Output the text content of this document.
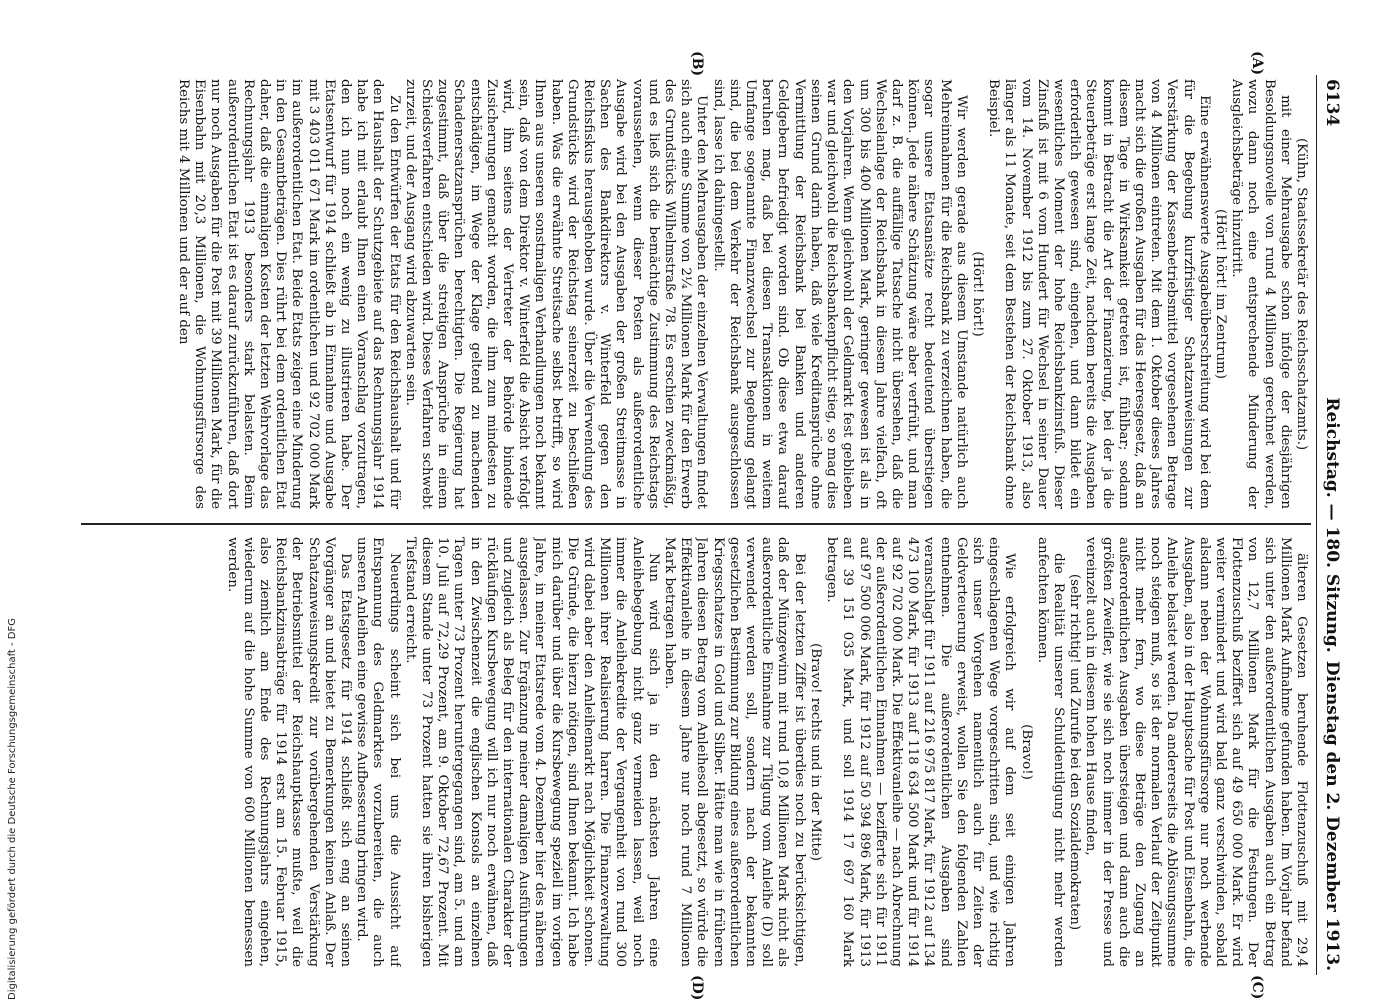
6134
Reichstag. — 180. Sitzung.
Dienstag den 2. Dezember 1913.
(A)
(B)
(C)
(D)

(Kühn, Staatssekretär des Reichsschatzamts.)

mit einer Mehrausgabe schon infolge der diesjährigen Besoldungsnovelle von rund 4 Millionen gerechnet werden, wozu dann noch eine entsprechende Minderung der Ausgleichsbeträge hinzutritt.

(Hört! hört! im Zentrum)

Eine erwähnenswerte Ausgabeüberschreitung wird bei dem für die Begebung kurzfristiger Schatzanweisungen zur Verstärkung der Kassenbetriebsmittel vorgesehenen Betrage von 4 Millionen eintreten. Mit dem 1. Oktober dieses Jahres macht sich die großen Ausgaben für das Heeresgesetz, daß an diesem Tage in Wirksamkeit getreten ist, fühlbar; sodann kommt in Betracht die Art der Finanzierung, bei der ja die Steuerbeträge erst lange Zeit, nachdem bereits die Ausgaben erforderlich gewesen sind, eingehen, und dann bildet ein wesentliches Moment der hohe Reichsbankzinsfuß. Dieser Zinsfuß ist mit 6 vom Hundert für Wechsel in seiner Dauer vom 14. November 1912 bis zum 27. Oktober 1913, also länger als 11 Monate, seit dem Bestehen der Reichsbank ohne Beispiel.

(Hört! hört!)

Wir werden gerade aus diesem Umstande natürlich auch Mehreinnahmen für die Reichsbank zu verzeichnen haben, die sogar unsere Etatsansätze recht bedeutend überstiegen können. Jede nähere Schätzung wäre aber verfrüht, und man darf z. B. die auffällige Tatsache nicht übersehen, daß die Wechselanlage der Reichsbank in diesem Jahre vielfach, oft um 300 bis 400 Millionen Mark, geringer gewesen ist als in den Vorjahren. Wenn gleichwohl der Geldmarkt fest geblieben war und gleichwohl die Reichsbankenpflicht stieg, so mag dies seinen Grund darin haben, daß viele Kreditansprüche ohne Vermittlung der Reichsbank bei Banken und anderen Geldgebern befriedigt worden sind. Ob diese etwa darauf beruhen mag, daß bei diesen Transaktionen in weitem Umfange sogenannte Finanzwechsel zur Begebung gelangt sind, die bei dem Verkehr der Reichsbank ausgeschlossen sind, lasse ich dahingestellt.

Unter den Mehrausgaben der einzelnen Verwaltungen findet sich auch eine Summe von 2¼ Millionen Mark für den Erwerb des Grundstücks Wilhelmstraße 78. Es erschien zweckmäßig, und es ließ sich die bemächtige Zustimmung des Reichstags voraussehen, wenn dieser Posten als außerordentliche Ausgabe wird bei den Ausgaben der großen Streitmasse in Sachen des Bankdirektors v. Winterfeld gegen den Reichsfiskus herausgehoben wurde. Über die Verwendung des Grundstücks wird der Reichstag seinerzeit zu beschließen haben. Was die erwähnte Streitsache selbst betrifft, so wird Ihnen aus unseren sonstmaligen Verhandlungen noch bekannt sein, daß von dem Direktor v. Winterfeld die Absicht verfolgt wird, ihm seitens der Vertreter der Behörde bindende Zusicherungen gemacht worden, die ihm zum mindesten zu entschädigen, im Wege der Klage geltend zu machenden Schadenersatzansprüchen berechtigten. Die Regierung hat zugestimmt, daß über die streitigen Ansprüche in einem Schiedsverfahren entschieden wird. Dieses Verfahren schwebt zurzeit, und der Ausgang wird abzuwarten sein.

Zu den Entwürfen der Etats für den Reichshaushalt und für den Haushalt der Schutzgebiete auf das Rechnungsjahr 1914 habe ich mit erlaubt Ihnen einen Voranschlag vorzutragen, den ich nun noch ein wenig zu illustrieren habe. Der Etatsentwurf für 1914 schließt ab in Einnahme und Ausgabe mit 3 403 011 671 Mark im ordentlichen und 92 702 000 Mark im außerordentlichen Etat. Beide Etats zeigen eine Minderung in den Gesamtbeträgen. Dies rührt bei dem ordentlichen Etat daher, daß die einmaligen Kosten der letzten Wehrvorlage das Rechnungsjahr 1913 besonders stark belasten. Beim außerordentlichen Etat ist es darauf zurückzuführen, daß dort nur noch Ausgaben für die Post mit 39 Millionen Mark, für die Eisenbahn mit 20,3 Millionen, die Wohnungsfürsorge des Reichs mit 4 Millionen und der auf den

älteren Gesetzen beruhende Flottenzuschuß mit 29,4 Millionen Mark Aufnahme gefunden haben. Im Vorjahr befand sich unter den außerordentlichen Ausgaben auch ein Betrag von 12,7 Millionen Mark für die Festungen. Der Flottenzuschuß beziffert sich auf 49 650 000 Mark. Er wird weiter vermindert und wird bald ganz verschwinden, sobald alsdann neben der Wohnungsfürsorge nur noch werbende Ausgaben, also in der Hauptsache für Post und Eisenbahn, die Anleihe belastet werden. Da andererseits die Ablösungssumme noch steigen muß, so ist der normalen Verlauf der Zeitpunkt nicht mehr fern, wo diese Beträge den Zugang an außerordentlichen Ausgaben übersteigen und dann auch die größten Zweifler, wie sie sich noch immer in der Presse und vereinzelt auch in diesem hohen Hause finden,

(sehr richtig! und Zurufe bei den Sozialdemokraten)

die Realität unserer Schuldentilgung nicht mehr werden anfechten können.

(Bravo!)

Wie erfolgreich wir auf dem seit einigen Jahren eingeschlagenen Wege vorgeschritten sind, und wie richtig sich unser Vorgehen namentlich auch für Zeiten der Geldverteuerung erweist, wollen Sie den folgenden Zahlen entnehmen. Die außerordentlichen Ausgaben sind veranschlagt für 1911 auf 216 975 817 Mark, für 1912 auf 134 473 100 Mark, für 1913 auf 118 634 500 Mark und für 1914 auf 92 702 000 Mark. Die Effektivanleihe — nach Abrechnung der außerordentlichen Einnahmen — bezifferte sich für 1911 auf 97 500 006 Mark, für 1912 auf 50 394 896 Mark, für 1913 auf 39 151 035 Mark, und soll 1914 17 697 160 Mark betragen.

(Bravo! rechts und in der Mitte)

Bei der letzten Ziffer ist überdies noch zu berücksichtigen, daß der Münzgewinn mit rund 10,8 Millionen Mark nicht als außerordentliche Einnahme zur Tilgung vom Anleihe (D) soll verwendet werden soll, sondern nach der bekannten gesetzlichen Bestimmung zur Bildung eines außerordentlichen Kriegsschatzes in Gold und Silber. Hätte man wie in früheren Jahren diesen Betrag vom Anleihesoll abgesetzt, so würde die Effektivanleihe in diesem Jahre nur noch rund 7 Millionen Mark betragen haben.

Nun wird sich ja in den nächsten Jahren eine Anleihebegebung nicht ganz vermeiden lassen, weil noch immer die Anleihekredite der Vergangenheit von rund 300 Millionen ihrer Realisierung harren. Die Finanzverwaltung wird dabei aber den Anleihemarkt nach Möglichkeit schonen. Die Gründe, die hierzu nötigen, sind Ihnen bekannt. Ich habe mich darüber und über die Kursbewegung speziell im vorigen Jahre, in meiner Etatsrede vom 4. Dezember hier des näheren ausgelassen. Zur Ergänzung meiner damaligen Ausführungen und zugleich als Beleg für den internationalen Charakter der rückläufigen Kursbewegung will ich nur noch erwähnen, daß in den Zwischenzeit die englischen Konsols an einzelnen Tagen unter 73 Prozent heruntergegangen sind, am 5. und am 10. Juli auf 72,29 Prozent, am 9. Oktober 72,67 Prozent. Mit diesem Stande unter 73 Prozent hatten sie ihren bisherigen Tiefstand erreicht.

Neuerdings scheint sich bei uns die Aussicht auf Entspannung des Geldmarktes vorzubereiten, die auch unseren Anleihen eine gewisse Aufbesserung bringen wird.

Das Etatsgesetz für 1914 schließt sich eng an seinen Vorgänger an und bietet zu Bemerkungen keinen Anlaß. Der Schatzanweisungskredit zur vorübergehenden Verstärkung der Betriebsmittel der Reichshauptkasse mußte, weil die Reichsbankzinsabträge für 1914 erst am 15. Februar 1915, also ziemlich am Ende des Rechnungsjahrs eingehen, wiederum auf die hohe Summe von 600 Millionen bemessen werden.

Digitalisierung gefördert durch die Deutsche Forschungsgemeinschaft - DFG
